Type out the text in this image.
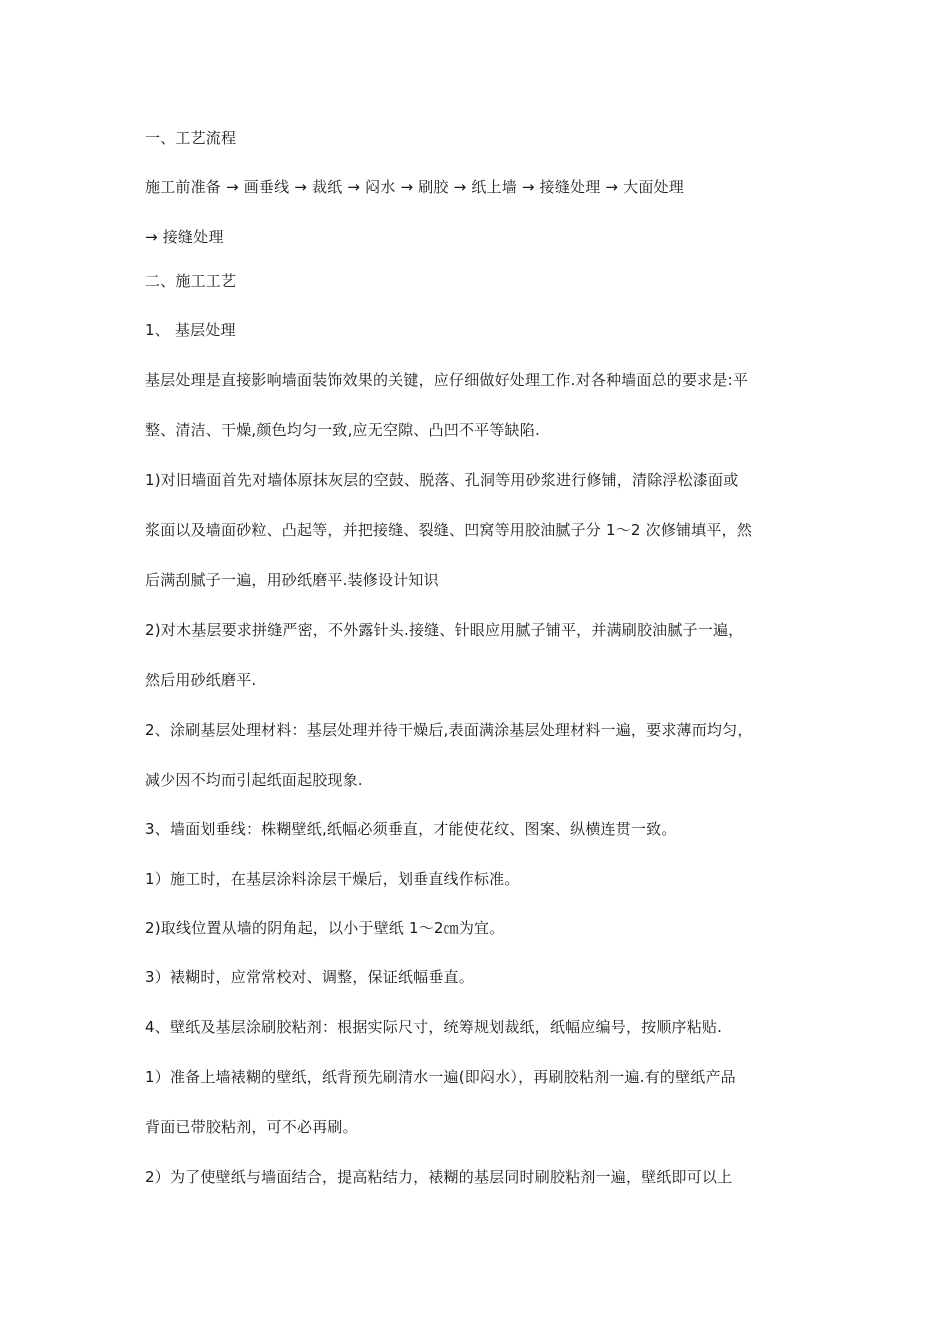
一、工艺流程
施工前准备 → 画垂线 → 裁纸 → 闷水 → 刷胶 → 纸上墙 → 接缝处理 → 大面处理
→ 接缝处理
二、施工工艺
1、 基层处理
基层处理是直接影响墙面装饰效果的关键，应仔细做好处理工作.对各种墙面总的要求是:平
整、清洁、干燥,颜色均匀一致,应无空隙、凸凹不平等缺陷.
1)对旧墙面首先对墙体原抹灰层的空鼓、脱落、孔洞等用砂浆进行修铺，清除浮松漆面或
浆面以及墙面砂粒、凸起等，并把接缝、裂缝、凹窝等用胶油腻子分 1～2 次修铺填平，然
后满刮腻子一遍，用砂纸磨平.装修设计知识
2)对木基层要求拼缝严密，不外露针头.接缝、针眼应用腻子铺平，并满刷胶油腻子一遍，
然后用砂纸磨平.
2、涂刷基层处理材料：基层处理并待干燥后,表面满涂基层处理材料一遍，要求薄而均匀，
减少因不均而引起纸面起胶现象.
3、墙面划垂线：株糊壁纸,纸幅必须垂直，才能使花纹、图案、纵横连贯一致。
1）施工时，在基层涂料涂层干燥后，划垂直线作标准。
2)取线位置从墙的阴角起，以小于壁纸 1～2㎝为宜。
3）裱糊时，应常常校对、调整，保证纸幅垂直。
4、壁纸及基层涂刷胶粘剂：根据实际尺寸，统筹规划裁纸，纸幅应编号，按顺序粘贴.
1）准备上墙裱糊的壁纸，纸背预先刷清水一遍(即闷水），再刷胶粘剂一遍.有的壁纸产品
背面已带胶粘剂，可不必再刷。
2）为了使壁纸与墙面结合，提高粘结力，裱糊的基层同时刷胶粘剂一遍，壁纸即可以上
